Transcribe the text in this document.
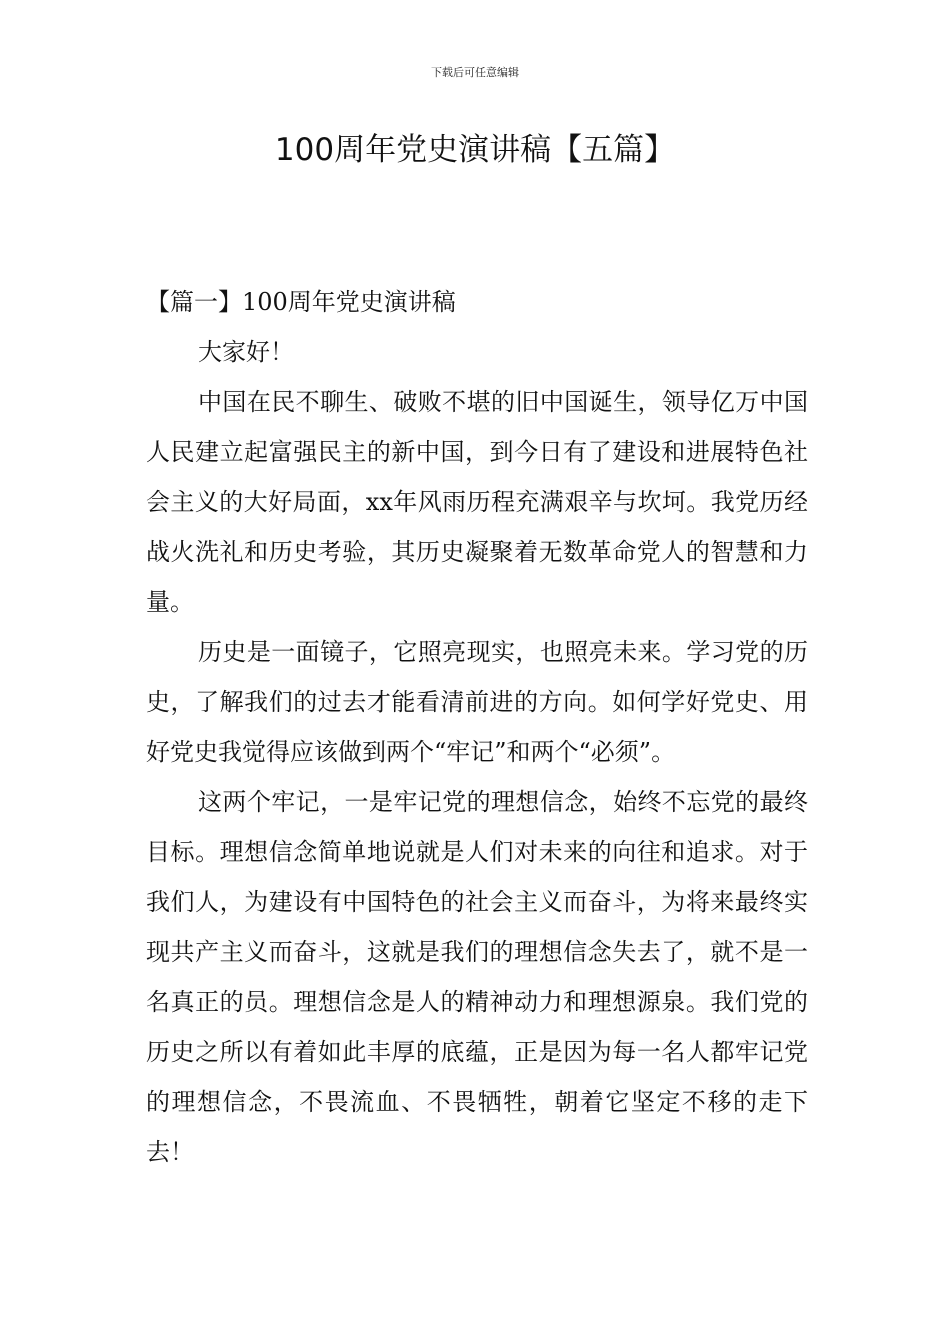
下载后可任意编辑
100周年党史演讲稿【五篇】

【篇一】100周年党史演讲稿

大家好！

中国在民不聊生、破败不堪的旧中国诞生，领导亿万中国人民建立起富强民主的新中国，到今日有了建设和进展特色社会主义的大好局面，xx年风雨历程充满艰辛与坎坷。我党历经战火洗礼和历史考验，其历史凝聚着无数革命党人的智慧和力量。

历史是一面镜子，它照亮现实，也照亮未来。学习党的历史，了解我们的过去才能看清前进的方向。如何学好党史、用好党史我觉得应该做到两个“牢记”和两个“必须”。

这两个牢记，一是牢记党的理想信念，始终不忘党的最终目标。理想信念简单地说就是人们对未来的向往和追求。对于我们人，为建设有中国特色的社会主义而奋斗，为将来最终实现共产主义而奋斗，这就是我们的理想信念失去了，就不是一名真正的员。理想信念是人的精神动力和理想源泉。我们党的历史之所以有着如此丰厚的底蕴，正是因为每一名人都牢记党的理想信念，不畏流血、不畏牺牲，朝着它坚定不移的走下去！
